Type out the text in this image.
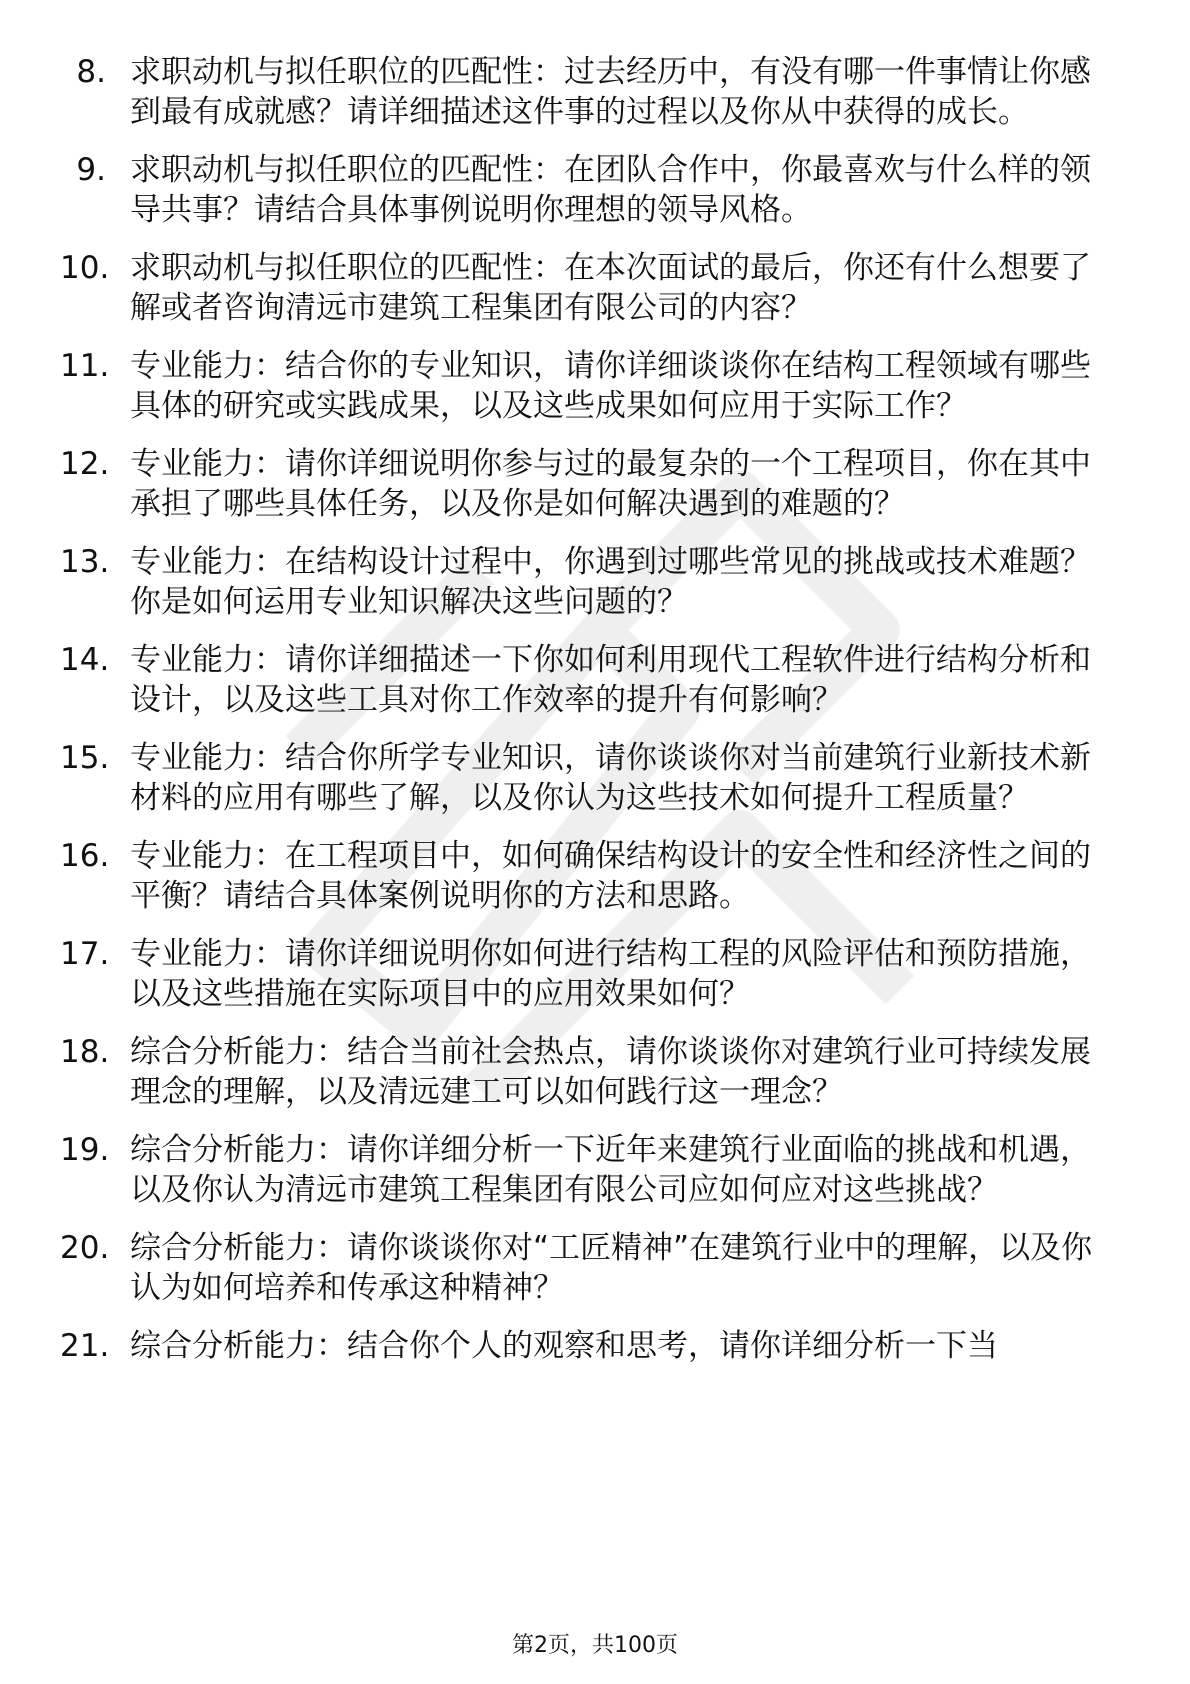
8. 求职动机与拟任职位的匹配性：过去经历中，有没有哪一件事情让你感到最有成就感？请详细描述这件事的过程以及你从中获得的成长。
9. 求职动机与拟任职位的匹配性：在团队合作中，你最喜欢与什么样的领导共事？请结合具体事例说明你理想的领导风格。
10. 求职动机与拟任职位的匹配性：在本次面试的最后，你还有什么想要了解或者咨询清远市建筑工程集团有限公司的内容？
11. 专业能力：结合你的专业知识，请你详细谈谈你在结构工程领域有哪些具体的研究或实践成果，以及这些成果如何应用于实际工作？
12. 专业能力：请你详细说明你参与过的最复杂的一个工程项目，你在其中承担了哪些具体任务，以及你是如何解决遇到的难题的？
13. 专业能力：在结构设计过程中，你遇到过哪些常见的挑战或技术难题？你是如何运用专业知识解决这些问题的？
14. 专业能力：请你详细描述一下你如何利用现代工程软件进行结构分析和设计，以及这些工具对你工作效率的提升有何影响？
15. 专业能力：结合你所学专业知识，请你谈谈你对当前建筑行业新技术新材料的应用有哪些了解，以及你认为这些技术如何提升工程质量？
16. 专业能力：在工程项目中，如何确保结构设计的安全性和经济性之间的平衡？请结合具体案例说明你的方法和思路。
17. 专业能力：请你详细说明你如何进行结构工程的风险评估和预防措施，以及这些措施在实际项目中的应用效果如何？
18. 综合分析能力：结合当前社会热点，请你谈谈你对建筑行业可持续发展理念的理解，以及清远建工可以如何践行这一理念？
19. 综合分析能力：请你详细分析一下近年来建筑行业面临的挑战和机遇，以及你认为清远市建筑工程集团有限公司应如何应对这些挑战？
20. 综合分析能力：请你谈谈你对“工匠精神”在建筑行业中的理解，以及你认为如何培养和传承这种精神？
21. 综合分析能力：结合你个人的观察和思考，请你详细分析一下当
第2页，共100页
